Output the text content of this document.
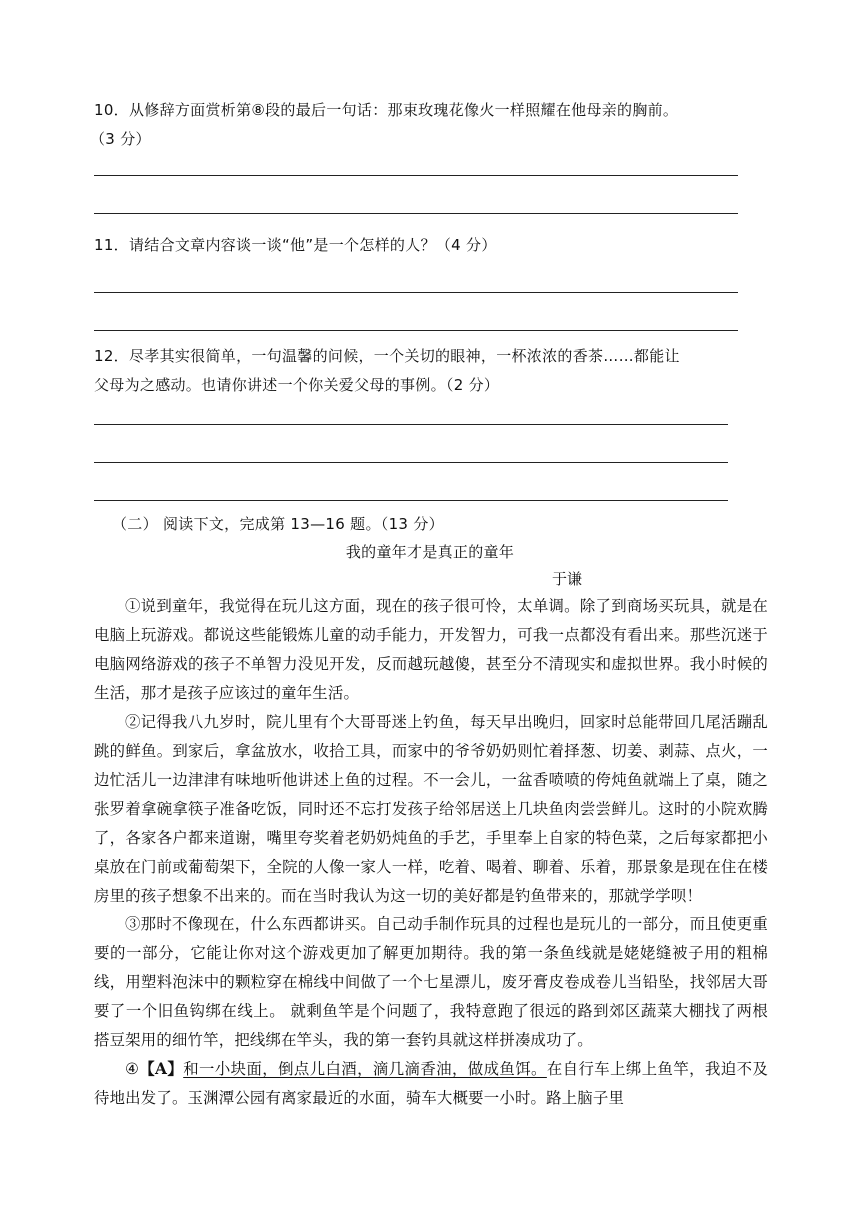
10．从修辞方面赏析第⑧段的最后一句话：那束玫瑰花像火一样照耀在他母亲的胸前。
（3 分）
11．请结合文章内容谈一谈“他”是一个怎样的人？（4 分）
12．尽孝其实很简单，一句温馨的问候，一个关切的眼神，一杯浓浓的香茶……都能让
父母为之感动。也请你讲述一个你关爱父母的事例。（2 分）
（二） 阅读下文，完成第 13—16 题。（13 分）
我的童年才是真正的童年
于谦

①说到童年，我觉得在玩儿这方面，现在的孩子很可怜，太单调。除了到商场买玩具，就是在电脑上玩游戏。都说这些能锻炼儿童的动手能力，开发智力，可我一点都没有看出来。那些沉迷于电脑网络游戏的孩子不单智力没见开发，反而越玩越傻，甚至分不清现实和虚拟世界。我小时候的生活，那才是孩子应该过的童年生活。

②记得我八九岁时，院儿里有个大哥哥迷上钓鱼，每天早出晚归，回家时总能带回几尾活蹦乱跳的鲜鱼。到家后，拿盆放水，收拾工具，而家中的爷爷奶奶则忙着择葱、切姜、剥蒜、点火，一边忙活儿一边津津有味地听他讲述上鱼的过程。不一会儿，一盆香喷喷的侉炖鱼就端上了桌，随之张罗着拿碗拿筷子准备吃饭，同时还不忘打发孩子给邻居送上几块鱼肉尝尝鲜儿。这时的小院欢腾了，各家各户都来道谢，嘴里夸奖着老奶奶炖鱼的手艺，手里奉上自家的特色菜，之后每家都把小桌放在门前或葡萄架下，全院的人像一家人一样，吃着、喝着、聊着、乐着，那景象是现在住在楼房里的孩子想象不出来的。而在当时我认为这一切的美好都是钓鱼带来的，那就学学呗！

③那时不像现在，什么东西都讲买。自己动手制作玩具的过程也是玩儿的一部分，而且使更重要的一部分，它能让你对这个游戏更加了解更加期待。我的第一条鱼线就是姥姥缝被子用的粗棉线，用塑料泡沫中的颗粒穿在棉线中间做了一个七星漂儿，废牙膏皮卷成卷儿当铅坠，找邻居大哥要了一个旧鱼钩绑在线上。 就剩鱼竿是个问题了，我特意跑了很远的路到郊区蔬菜大棚找了两根搭豆架用的细竹竿，把线绑在竿头，我的第一套钓具就这样拼凑成功了。

④【A】和一小块面，倒点儿白酒，滴几滴香油，做成鱼饵。在自行车上绑上鱼竿，我迫不及待地出发了。玉渊潭公园有离家最近的水面，骑车大概要一小时。路上脑子里
